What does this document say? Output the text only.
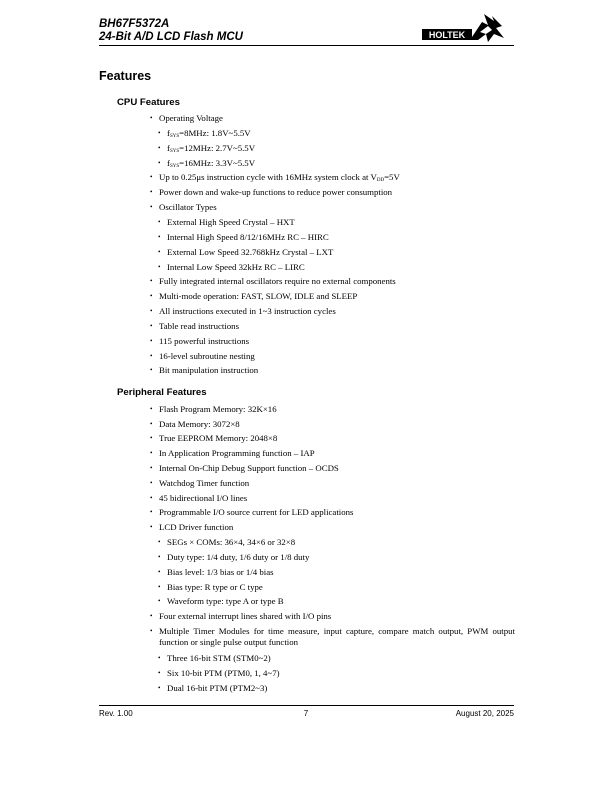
BH67F5372A
24-Bit A/D LCD Flash MCU	HOLTEK
Features
CPU Features
• Operating Voltage
• $f_{SYS}=8MHz$: 1.8V~5.5V
• $f_{SYS}=12MHz$: 2.7V~5.5V
• $f_{SYS}=16MHz$: 3.3V~5.5V
• Up to 0.25μs instruction cycle with 16MHz system clock at $V_{DD}=5V$
• Power down and wake-up functions to reduce power consumption
• Oscillator Types
• External High Speed Crystal – HXT
• Internal High Speed 8/12/16MHz RC – HIRC
• External Low Speed 32.768kHz Crystal – LXT
• Internal Low Speed 32kHz RC – LIRC
• Fully integrated internal oscillators require no external components
• Multi-mode operation: FAST, SLOW, IDLE and SLEEP
• All instructions executed in 1~3 instruction cycles
• Table read instructions
• 115 powerful instructions
• 16-level subroutine nesting
• Bit manipulation instruction
Peripheral Features
• Flash Program Memory: 32K×16
• Data Memory: 3072×8
• True EEPROM Memory: 2048×8
• In Application Programming function – IAP
• Internal On-Chip Debug Support function – OCDS
• Watchdog Timer function
• 45 bidirectional I/O lines
• Programmable I/O source current for LED applications
• LCD Driver function
• SEGs × COMs: 36×4, 34×6 or 32×8
• Duty type: 1/4 duty, 1/6 duty or 1/8 duty
• Bias level: 1/3 bias or 1/4 bias
• Bias type: R type or C type
• Waveform type: type A or type B
• Four external interrupt lines shared with I/O pins
• Multiple Timer Modules for time measure, input capture, compare match output, PWM output function or single pulse output function
• Three 16-bit STM (STM0~2)
• Six 10-bit PTM (PTM0, 1, 4~7)
• Dual 16-bit PTM (PTM2~3)
Rev. 1.00	7	August 20, 2025
